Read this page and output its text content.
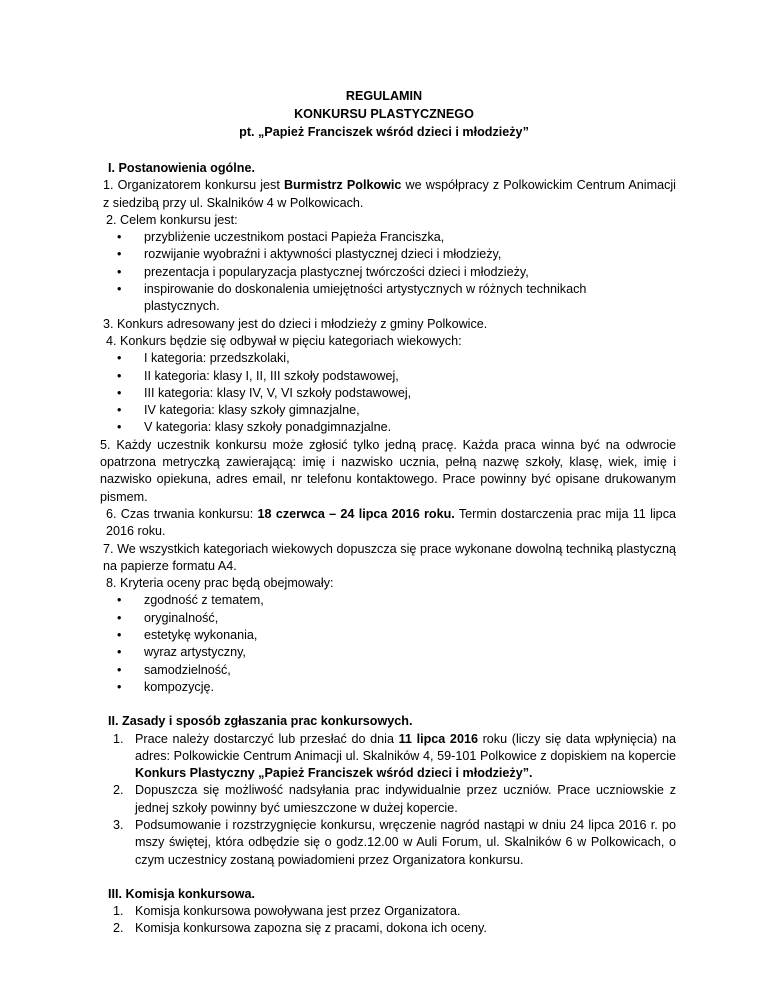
REGULAMIN
KONKURSU PLASTYCZNEGO
pt. „Papież Franciszek wśród dzieci i młodzieży”

I. Postanowienia ogólne.

1. Organizatorem konkursu jest Burmistrz Polkowic we współpracy z Polkowickim Centrum Animacji z siedzibą przy ul. Skalników 4 w Polkowicach.

2. Celem konkursu jest:

• przybliżenie uczestnikom postaci Papieża Franciszka,
• rozwijanie wyobraźni i aktywności plastycznej dzieci i młodzieży,
• prezentacja i popularyzacja plastycznej twórczości dzieci i młodzieży,
• inspirowanie do doskonalenia umiejętności artystycznych w różnych technikach plastycznych.

3. Konkurs adresowany jest do dzieci i młodzieży z gminy Polkowice.

4. Konkurs będzie się odbywał w pięciu kategoriach wiekowych:

• I kategoria: przedszkolaki,
• II kategoria: klasy I, II, III szkoły podstawowej,
• III kategoria: klasy IV, V, VI szkoły podstawowej,
• IV kategoria: klasy szkoły gimnazjalne,
• V kategoria: klasy szkoły ponadgimnazjalne.

5. Każdy uczestnik konkursu może zgłosić tylko jedną pracę. Każda praca winna być na odwrocie opatrzona metryczką zawierającą: imię i nazwisko ucznia, pełną nazwę szkoły, klasę, wiek, imię i nazwisko opiekuna, adres email, nr telefonu kontaktowego. Prace powinny być opisane drukowanym pismem.

6. Czas trwania konkursu: 18 czerwca – 24 lipca 2016 roku. Termin dostarczenia prac mija 11 lipca 2016 roku.

7. We wszystkich kategoriach wiekowych dopuszcza się prace wykonane dowolną techniką plastyczną na papierze formatu A4.

8. Kryteria oceny prac będą obejmowały:

• zgodność z tematem,
• oryginalność,
• estetykę wykonania,
• wyraz artystyczny,
• samodzielność,
• kompozycję.

II. Zasady i sposób zgłaszania prac konkursowych.

1. Prace należy dostarczyć lub przesłać do dnia 11 lipca 2016 roku (liczy się data wpłynięcia) na adres: Polkowickie Centrum Animacji ul. Skalników 4, 59-101 Polkowice z dopiskiem na kopercie Konkurs Plastyczny „Papież Franciszek wśród dzieci i młodzieży”.
2. Dopuszcza się możliwość nadsyłania prac indywidualnie przez uczniów. Prace uczniowskie z jednej szkoły powinny być umieszczone w dużej kopercie.
3. Podsumowanie i rozstrzygnięcie konkursu, wręczenie nagród nastąpi w dniu 24 lipca 2016 r. po mszy świętej, która odbędzie się o godz.12.00 w Auli Forum, ul. Skalników 6 w Polkowicach, o czym uczestnicy zostaną powiadomieni przez Organizatora konkursu.

III. Komisja konkursowa.

1. Komisja konkursowa powoływana jest przez Organizatora.
2. Komisja konkursowa zapozna się z pracami, dokona ich oceny.
